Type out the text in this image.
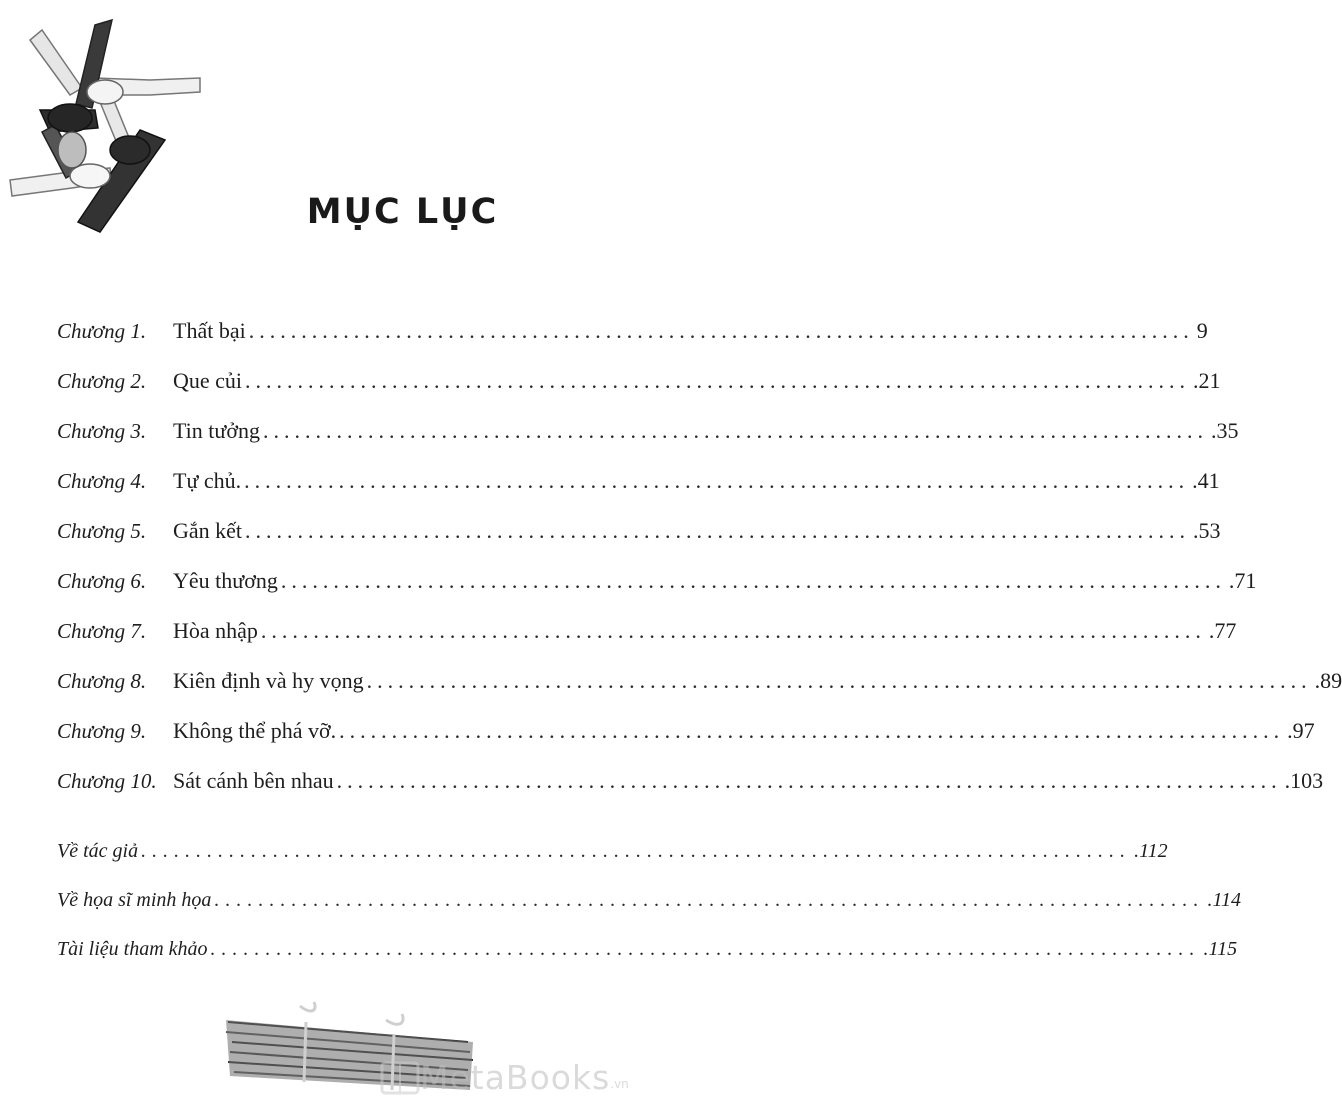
MỤC LỤC
Chương 1.	Thất bại .......................................................................................... 9
Chương 2.	Que củi .......................................................................................... .21
Chương 3.	Tin tưởng .......................................................................................... .35
Chương 4.	Tự chủ. .......................................................................................... .41
Chương 5.	Gắn kết .......................................................................................... .53
Chương 6.	Yêu thương .......................................................................................... .71
Chương 7.	Hòa nhập .......................................................................................... .77
Chương 8.	Kiên định và hy vọng .......................................................................................... .89
Chương 9.	Không thể phá vỡ. .......................................................................................... .97
Chương 10. Sát cánh bên nhau .......................................................................................... .103
Về tác giả .......................................................................................... .112
Về họa sĩ minh họa .......................................................................................... .114
Tài liệu tham khảo .......................................................................................... .115
MetaBooks .vn
